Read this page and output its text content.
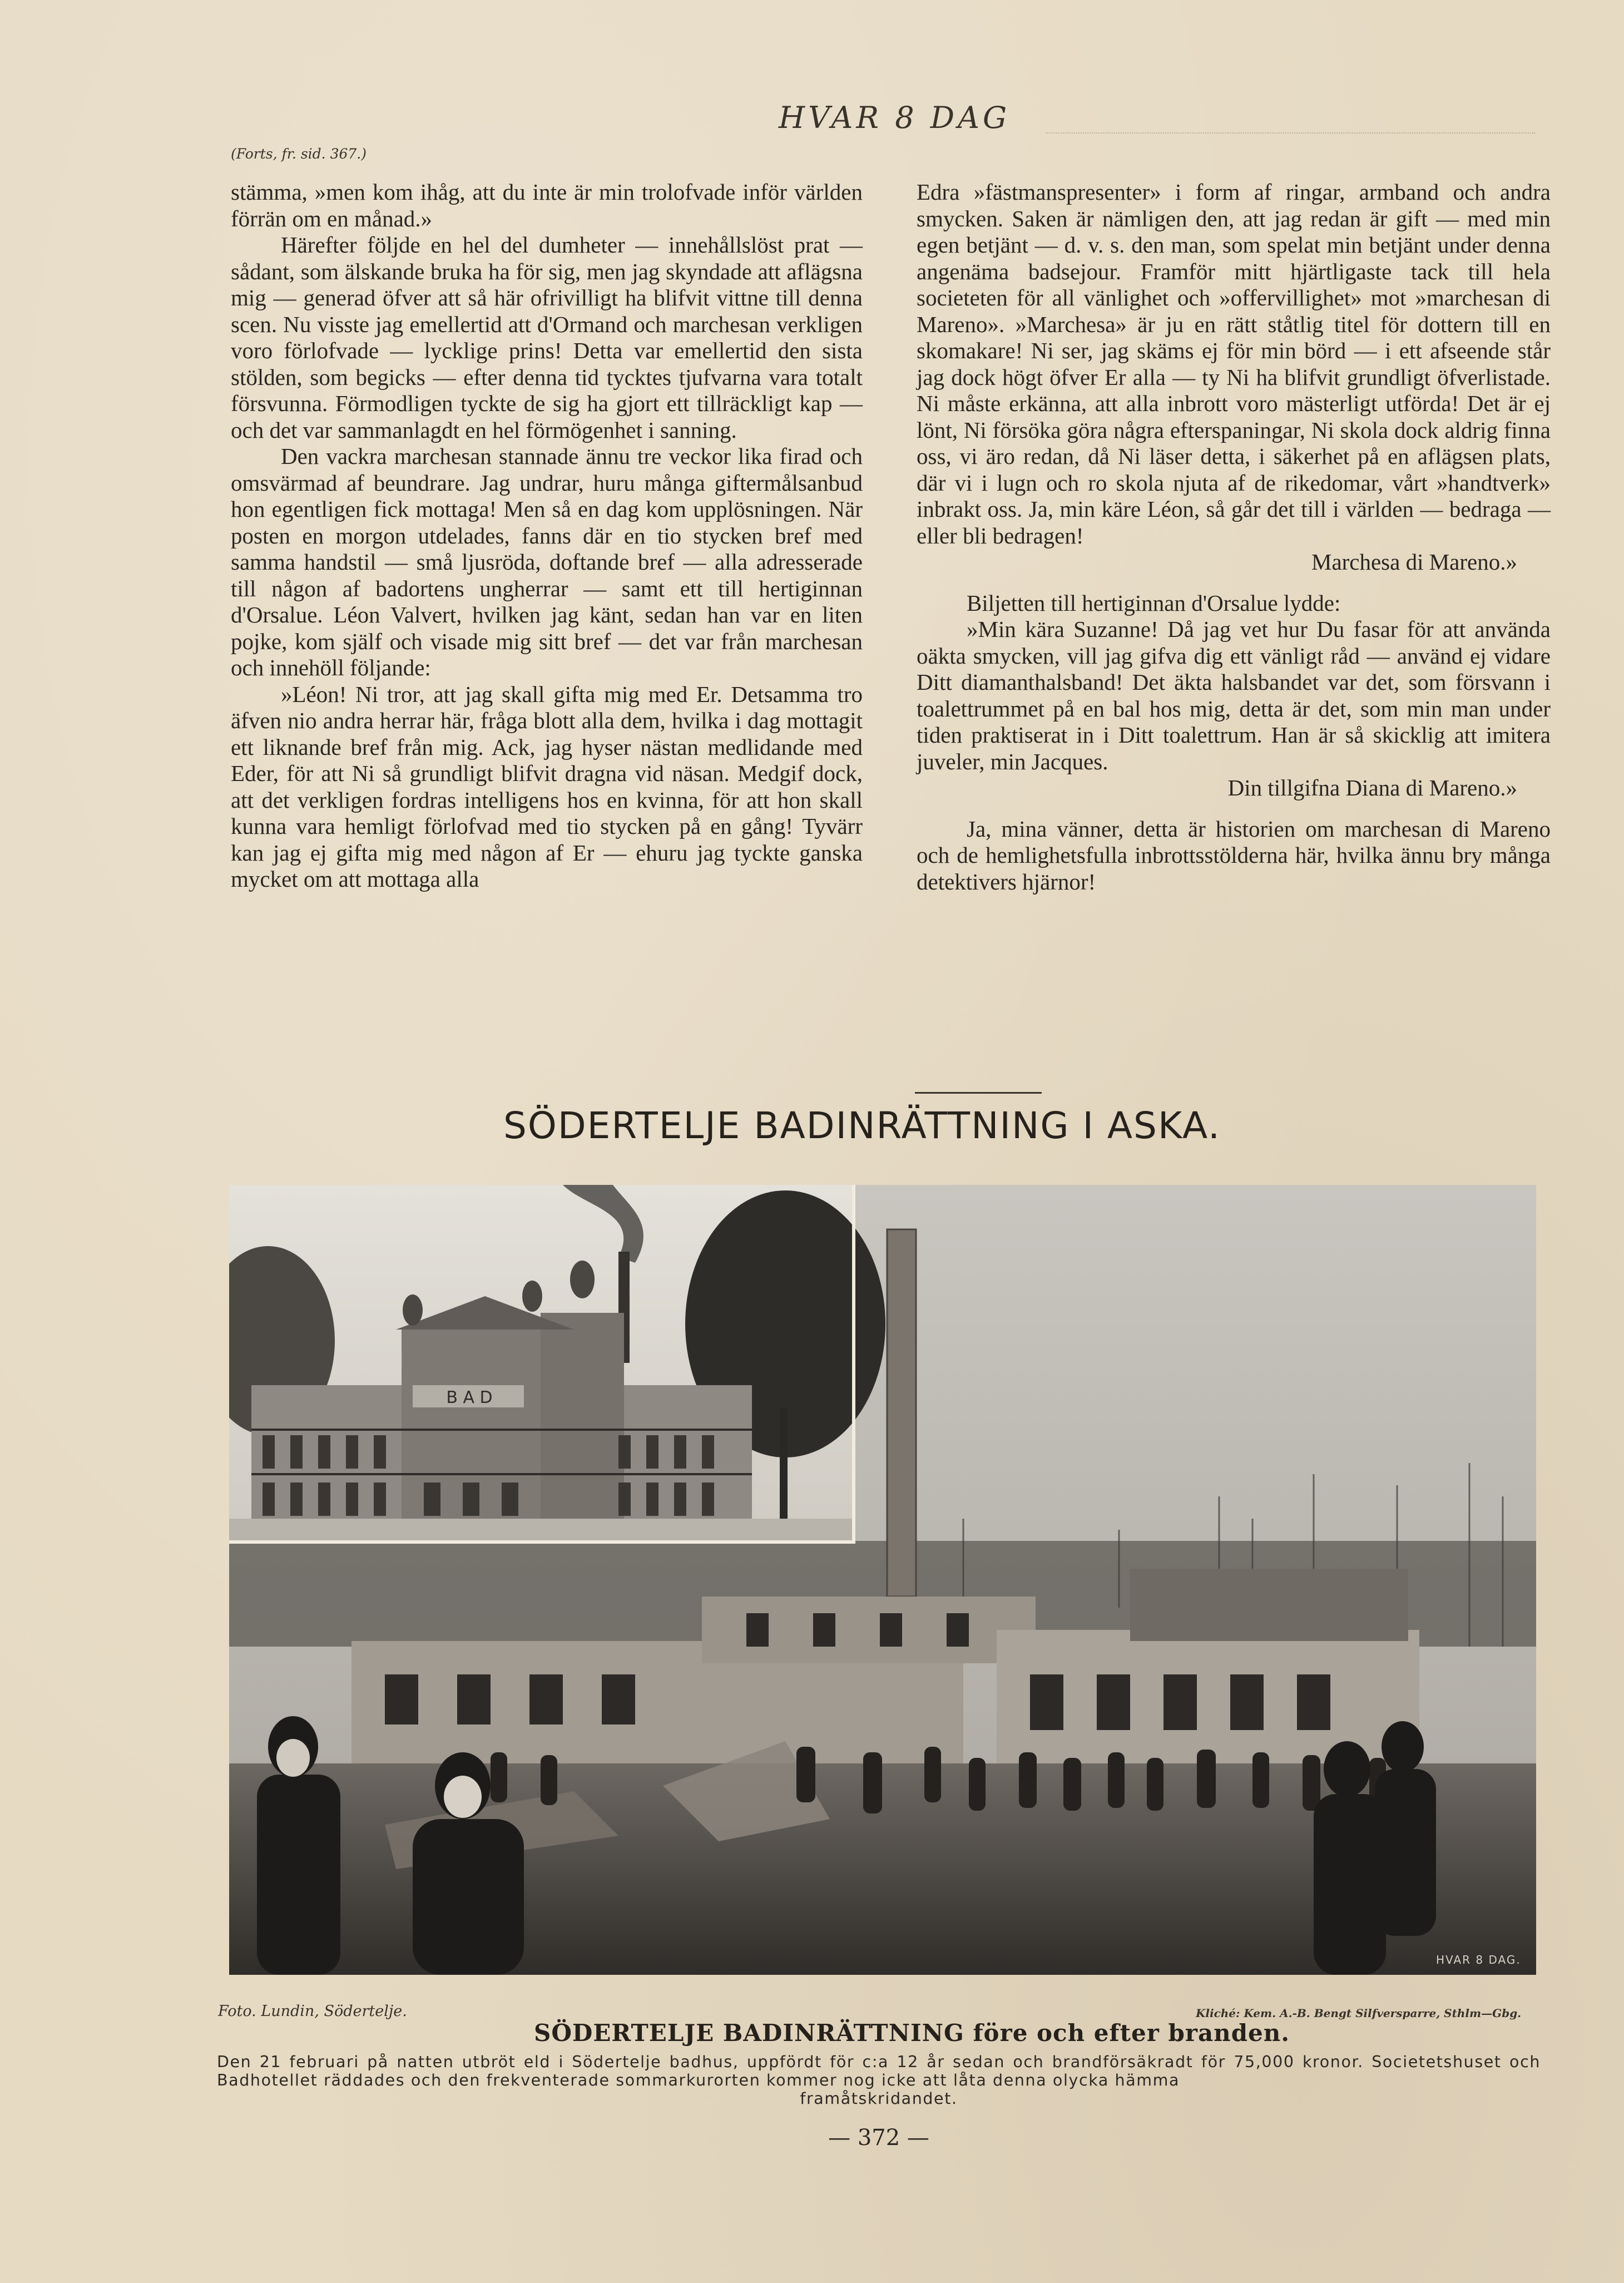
HVAR 8 DAG
(Forts, fr. sid. 367.)

stämma, »men kom ihåg, att du inte är min trolofvade inför världen förrän om en månad.»

Härefter följde en hel del dumheter — innehållslöst prat — sådant, som älskande bruka ha för sig, men jag skyndade att aflägsna mig — generad öfver att så här ofrivilligt ha blifvit vittne till denna scen. Nu visste jag emellertid att d'Ormand och marchesan verkligen voro förlofvade — lycklige prins! Detta var emellertid den sista stölden, som begicks — efter denna tid tycktes tjufvarna vara totalt försvunna. Förmodligen tyckte de sig ha gjort ett tillräckligt kap — och det var sammanlagdt en hel förmögenhet i sanning.

Den vackra marchesan stannade ännu tre veckor lika firad och omsvärmad af beundrare. Jag undrar, huru många giftermålsanbud hon egentligen fick mottaga! Men så en dag kom upplösningen. När posten en morgon utdelades, fanns där en tio stycken bref med samma handstil — små ljusröda, doftande bref — alla adresserade till någon af badortens ungherrar — samt ett till hertiginnan d'Orsalue. Léon Valvert, hvilken jag känt, sedan han var en liten pojke, kom själf och visade mig sitt bref — det var från marchesan och innehöll följande:

»Léon! Ni tror, att jag skall gifta mig med Er. Detsamma tro äfven nio andra herrar här, fråga blott alla dem, hvilka i dag mottagit ett liknande bref från mig. Ack, jag hyser nästan medlidande med Eder, för att Ni så grundligt blifvit dragna vid näsan. Medgif dock, att det verkligen fordras intelligens hos en kvinna, för att hon skall kunna vara hemligt förlofvad med tio stycken på en gång! Tyvärr kan jag ej gifta mig med någon af Er — ehuru jag tyckte ganska mycket om att mottaga alla

Edra »fästmanspresenter» i form af ringar, armband och andra smycken. Saken är nämligen den, att jag redan är gift — med min egen betjänt — d. v. s. den man, som spelat min betjänt under denna angenäma badsejour. Framför mitt hjärtligaste tack till hela societeten för all vänlighet och »offervillighet» mot »marchesan di Mareno». »Marchesa» är ju en rätt ståtlig titel för dottern till en skomakare! Ni ser, jag skäms ej för min börd — i ett afseende står jag dock högt öfver Er alla — ty Ni ha blifvit grundligt öfverlistade. Ni måste erkänna, att alla inbrott voro mästerligt utförda! Det är ej lönt, Ni försöka göra några efterspaningar, Ni skola dock aldrig finna oss, vi äro redan, då Ni läser detta, i säkerhet på en aflägsen plats, där vi i lugn och ro skola njuta af de rikedomar, vårt »handtverk» inbrakt oss. Ja, min käre Léon, så går det till i världen — bedraga — eller bli bedragen!

Marchesa di Mareno.»

Biljetten till hertiginnan d'Orsalue lydde:

»Min kära Suzanne! Då jag vet hur Du fasar för att använda oäkta smycken, vill jag gifva dig ett vänligt råd — använd ej vidare Ditt diamanthalsband! Det äkta halsbandet var det, som försvann i toalettrummet på en bal hos mig, detta är det, som min man under tiden praktiserat in i Ditt toalettrum. Han är så skicklig att imitera juveler, min Jacques.

Din tillgifna Diana di Mareno.»

Ja, mina vänner, detta är historien om marchesan di Mareno och de hemlighetsfulla inbrottsstölderna här, hvilka ännu bry många detektivers hjärnor!

SÖDERTELJE BADINRÄTTNING I ASKA.
B A D
HVAR 8 DAG.
Foto. Lundin, Södertelje.	Kliché: Kem. A.-B. Bengt Silfversparre, Sthlm—Gbg.
SÖDERTELJE BADINRÄTTNING före och efter branden.
Den 21 februari på natten utbröt eld i Södertelje badhus, uppfördt för c:a 12 år sedan och brandförsäkradt för 75,000 kronor. Societetshuset och Badhotellet räddades och den frekventerade sommarkurorten kommer nog icke att låta denna olycka hämma
framåtskridandet.
— 372 —
